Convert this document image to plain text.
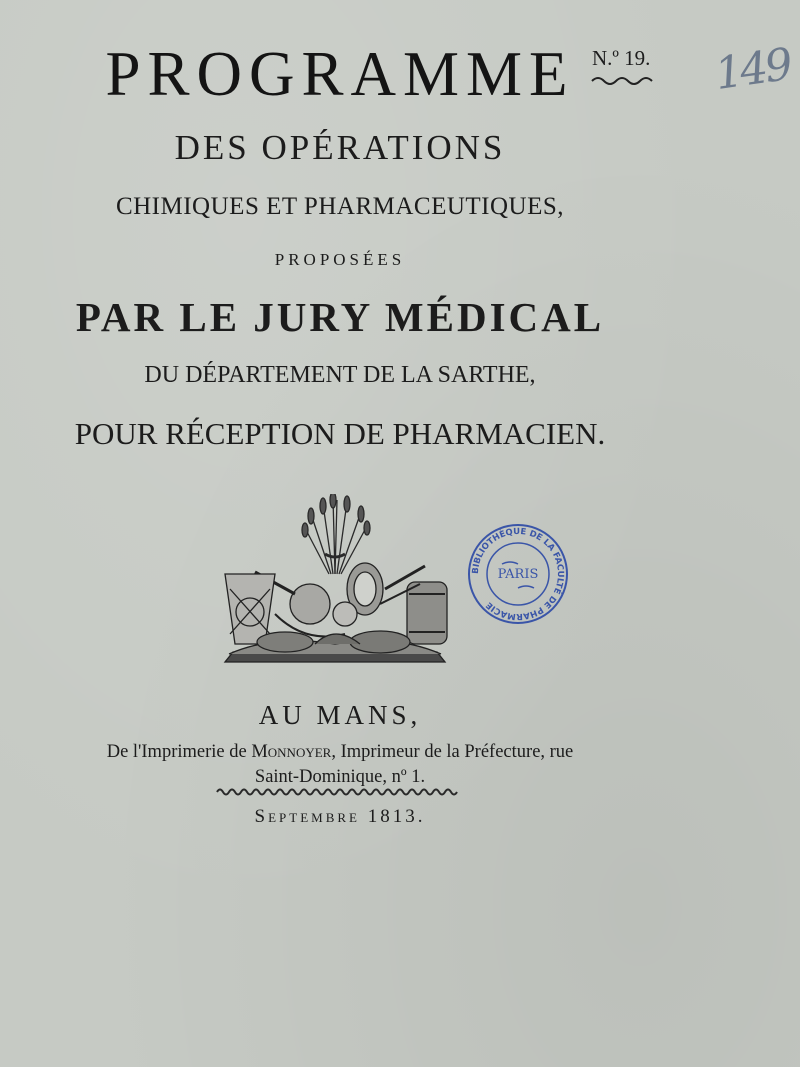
PROGRAMME N.º 19. 149
DES OPÉRATIONS
CHIMIQUES ET PHARMACEUTIQUES,
PROPOSÉES
PAR LE JURY MÉDICAL
DU DÉPARTEMENT DE LA SARTHE,
POUR RÉCEPTION DE PHARMACIEN.
BIBLIOTHÈQUE DE LA FACULTÉ DE PHARMACIE
PARIS
AU MANS,
De l'Imprimerie de Monnoyer, Imprimeur de la Préfecture, rue
Saint-Dominique, nº 1.
Septembre 1813.
